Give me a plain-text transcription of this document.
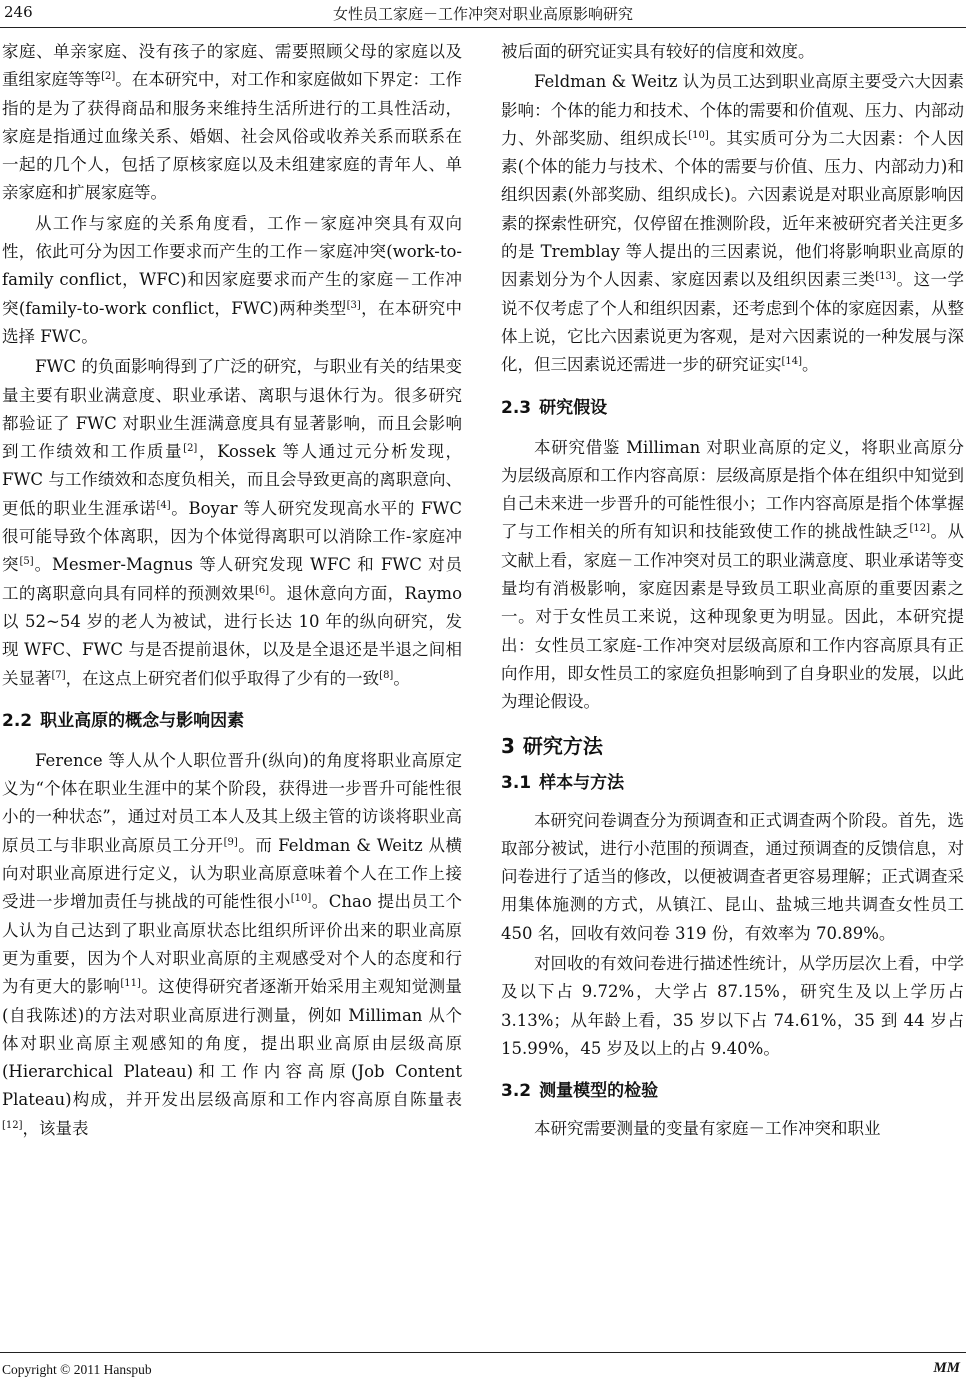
246	女性员工家庭－工作冲突对职业高原影响研究

家庭、单亲家庭、没有孩子的家庭、需要照顾父母的家庭以及重组家庭等等[2]。在本研究中，对工作和家庭做如下界定：工作指的是为了获得商品和服务来维持生活所进行的工具性活动，家庭是指通过血缘关系、婚姻、社会风俗或收养关系而联系在一起的几个人，包括了原核家庭以及未组建家庭的青年人、单亲家庭和扩展家庭等。

从工作与家庭的关系角度看，工作－家庭冲突具有双向性，依此可分为因工作要求而产生的工作－家庭冲突(work-to-family conflict，WFC)和因家庭要求而产生的家庭－工作冲突(family-to-work conflict，FWC)两种类型[3]，在本研究中选择 FWC。

FWC 的负面影响得到了广泛的研究，与职业有关的结果变量主要有职业满意度、职业承诺、离职与退休行为。很多研究都验证了 FWC 对职业生涯满意度具有显著影响，而且会影响到工作绩效和工作质量[2]，Kossek 等人通过元分析发现，FWC 与工作绩效和态度负相关，而且会导致更高的离职意向、更低的职业生涯承诺[4]。Boyar 等人研究发现高水平的 FWC 很可能导致个体离职，因为个体觉得离职可以消除工作-家庭冲突[5]。Mesmer-Magnus 等人研究发现 WFC 和 FWC 对员工的离职意向具有同样的预测效果[6]。退休意向方面，Raymo 以 52~54 岁的老人为被试，进行长达 10 年的纵向研究，发现 WFC、FWC 与是否提前退休，以及是全退还是半退之间相关显著[7]，在这点上研究者们似乎取得了少有的一致[8]。

2.2 职业高原的概念与影响因素

Ference 等人从个人职位晋升(纵向)的角度将职业高原定义为“个体在职业生涯中的某个阶段，获得进一步晋升可能性很小的一种状态”，通过对员工本人及其上级主管的访谈将职业高原员工与非职业高原员工分开[9]。而 Feldman & Weitz 从横向对职业高原进行定义，认为职业高原意味着个人在工作上接受进一步增加责任与挑战的可能性很小[10]。Chao 提出员工个人认为自己达到了职业高原状态比组织所评价出来的职业高原更为重要，因为个人对职业高原的主观感受对个人的态度和行为有更大的影响[11]。这使得研究者逐渐开始采用主观知觉测量(自我陈述)的方法对职业高原进行测量，例如 Milliman 从个体对职业高原主观感知的角度，提出职业高原由层级高原(Hierarchical Plateau)和工作内容高原(Job Content Plateau)构成，并开发出层级高原和工作内容高原自陈量表[12]，该量表

被后面的研究证实具有较好的信度和效度。

Feldman & Weitz 认为员工达到职业高原主要受六大因素影响：个体的能力和技术、个体的需要和价值观、压力、内部动力、外部奖励、组织成长[10]。其实质可分为二大因素：个人因素(个体的能力与技术、个体的需要与价值、压力、内部动力)和组织因素(外部奖励、组织成长)。六因素说是对职业高原影响因素的探索性研究，仅停留在推测阶段，近年来被研究者关注更多的是 Tremblay 等人提出的三因素说，他们将影响职业高原的因素划分为个人因素、家庭因素以及组织因素三类[13]。这一学说不仅考虑了个人和组织因素，还考虑到个体的家庭因素，从整体上说，它比六因素说更为客观，是对六因素说的一种发展与深化，但三因素说还需进一步的研究证实[14]。

2.3 研究假设

本研究借鉴 Milliman 对职业高原的定义，将职业高原分为层级高原和工作内容高原：层级高原是指个体在组织中知觉到自己未来进一步晋升的可能性很小；工作内容高原是指个体掌握了与工作相关的所有知识和技能致使工作的挑战性缺乏[12]。从文献上看，家庭－工作冲突对员工的职业满意度、职业承诺等变量均有消极影响，家庭因素是导致员工职业高原的重要因素之一。对于女性员工来说，这种现象更为明显。因此，本研究提出：女性员工家庭-工作冲突对层级高原和工作内容高原具有正向作用，即女性员工的家庭负担影响到了自身职业的发展，以此为理论假设。

3 研究方法
3.1 样本与方法

本研究问卷调查分为预调查和正式调查两个阶段。首先，选取部分被试，进行小范围的预调查，通过预调查的反馈信息，对问卷进行了适当的修改，以便被调查者更容易理解；正式调查采用集体施测的方式，从镇江、昆山、盐城三地共调查女性员工 450 名，回收有效问卷 319 份，有效率为 70.89%。

对回收的有效问卷进行描述性统计，从学历层次上看，中学及以下占 9.72%，大学占 87.15%，研究生及以上学历占 3.13%；从年龄上看，35 岁以下占 74.61%，35 到 44 岁占 15.99%，45 岁及以上的占 9.40%。

3.2 测量模型的检验

本研究需要测量的变量有家庭－工作冲突和职业

Copyright © 2011 Hanspub	MM
